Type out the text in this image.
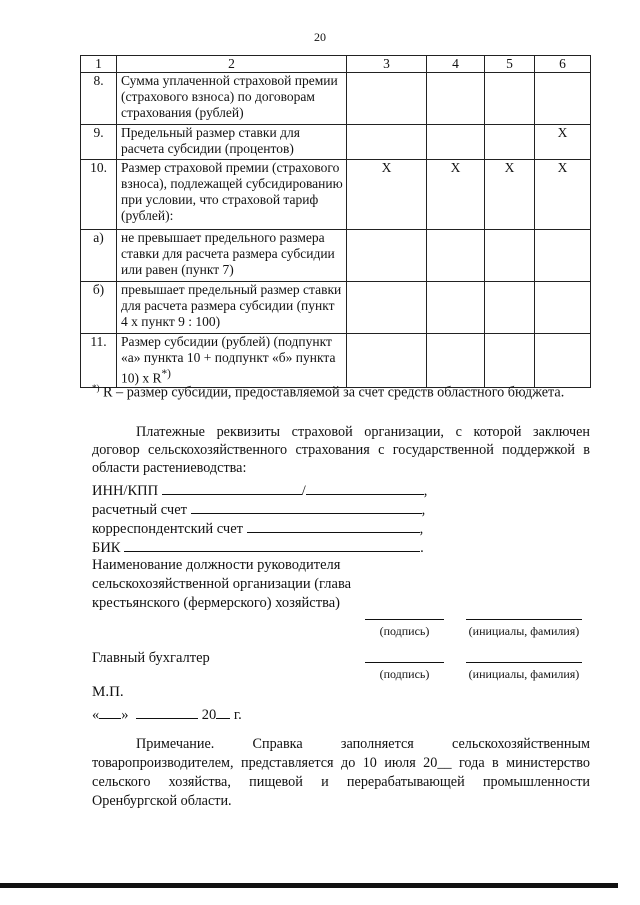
20
1	2	3	4	5	6
8.	Сумма уплаченной страховой премии (страхового взноса) по договорам страхования (рублей)				
9.	Предельный размер ставки для расчета субсидии (процентов)				X
10.	Размер страховой премии (страхового взноса), подлежащей субсидированию при условии, что страховой тариф (рублей):	X	X	X	X
а)	не превышает предельного размера ставки для расчета размера субсидии или равен (пункт 7)				
б)	превышает предельный размер ставки для расчета размера субсидии (пункт 4 х пункт 9 : 100)				
11.	Размер субсидии (рублей) (подпункт «а» пункта 10 + подпункт «б» пункта 10) х R*)				
*) R – размер субсидии, предоставляемой за счет средств областного бюджета.
Платежные реквизиты страховой организации, с которой заключен договор сельскохозяйственного страхования с государственной поддержкой в области растениеводства:
ИНН/КПП	/	,
расчетный счет	,
корреспондентский счет	,
БИК	.
Наименование должности руководителя сельскохозяйственной организации (глава крестьянского (фермерского) хозяйства)
(подпись)	(инициалы, фамилия)
Главный бухгалтер
(подпись)	(инициалы, фамилия)
М.П.
« »	20 г.
Примечание. Справка заполняется сельскохозяйственным товаропроизводителем, представляется до 10 июля 20__ года в министерство сельского хозяйства, пищевой и перерабатывающей промышленности Оренбургской области.
